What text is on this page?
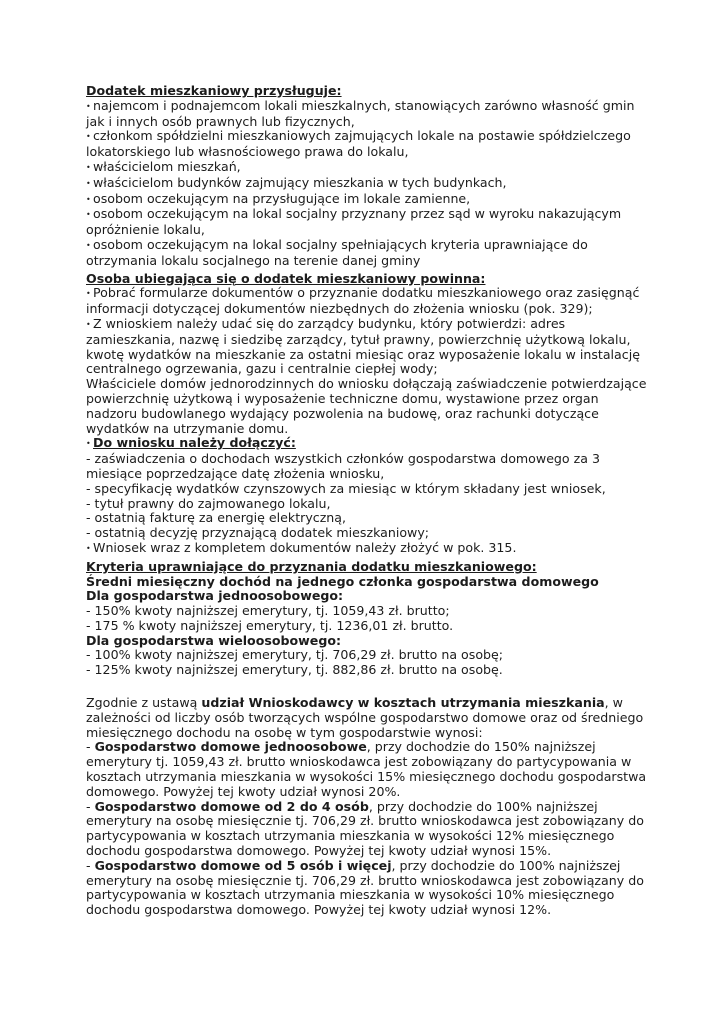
Dodatek mieszkaniowy przysługuje:
• najemcom i podnajemcom lokali mieszkalnych, stanowiących zarówno własność gmin
jak i innych osób prawnych lub fizycznych,
• członkom spółdzielni mieszkaniowych zajmujących lokale na postawie spółdzielczego
lokatorskiego lub własnościowego prawa do lokalu,
• właścicielom mieszkań,
• właścicielom budynków zajmujący mieszkania w tych budynkach,
• osobom oczekującym na przysługujące im lokale zamienne,
• osobom oczekującym na lokal socjalny przyznany przez sąd w wyroku nakazującym
opróżnienie lokalu,
• osobom oczekującym na lokal socjalny spełniających kryteria uprawniające do
otrzymania lokalu socjalnego na terenie danej gminy
Osoba ubiegająca się o dodatek mieszkaniowy powinna:
• Pobrać formularze dokumentów o przyznanie dodatku mieszkaniowego oraz zasięgnąć
informacji dotyczącej dokumentów niezbędnych do złożenia wniosku (pok. 329);
• Z wnioskiem należy udać się do zarządcy budynku, który potwierdzi: adres
zamieszkania, nazwę i siedzibę zarządcy, tytuł prawny, powierzchnię użytkową lokalu,
kwotę wydatków na mieszkanie za ostatni miesiąc oraz wyposażenie lokalu w instalację
centralnego ogrzewania, gazu i centralnie ciepłej wody;
Właściciele domów jednorodzinnych do wniosku dołączają zaświadczenie potwierdzające
powierzchnię użytkową i wyposażenie techniczne domu, wystawione przez organ
nadzoru budowlanego wydający pozwolenia na budowę, oraz rachunki dotyczące
wydatków na utrzymanie domu.
• Do wniosku należy dołączyć:
- zaświadczenia o dochodach wszystkich członków gospodarstwa domowego za 3
miesiące poprzedzające datę złożenia wniosku,
- specyfikację wydatków czynszowych za miesiąc w którym składany jest wniosek,
- tytuł prawny do zajmowanego lokalu,
- ostatnią fakturę za energię elektryczną,
- ostatnią decyzję przyznającą dodatek mieszkaniowy;
• Wniosek wraz z kompletem dokumentów należy złożyć w pok. 315.
Kryteria uprawniające do przyznania dodatku mieszkaniowego:
Średni miesięczny dochód na jednego członka gospodarstwa domowego
Dla gospodarstwa jednoosobowego:
- 150% kwoty najniższej emerytury, tj. 1059,43 zł. brutto;
- 175 % kwoty najniższej emerytury, tj. 1236,01 zł. brutto.
Dla gospodarstwa wieloosobowego:
- 100% kwoty najniższej emerytury, tj. 706,29 zł. brutto na osobę;
- 125% kwoty najniższej emerytury, tj. 882,86 zł. brutto na osobę.
Zgodnie z ustawą udział Wnioskodawcy w kosztach utrzymania mieszkania, w
zależności od liczby osób tworzących wspólne gospodarstwo domowe oraz od średniego
miesięcznego dochodu na osobę w tym gospodarstwie wynosi:
- Gospodarstwo domowe jednoosobowe, przy dochodzie do 150% najniższej
emerytury tj. 1059,43 zł. brutto wnioskodawca jest zobowiązany do partycypowania w
kosztach utrzymania mieszkania w wysokości 15% miesięcznego dochodu gospodarstwa
domowego. Powyżej tej kwoty udział wynosi 20%.
- Gospodarstwo domowe od 2 do 4 osób, przy dochodzie do 100% najniższej
emerytury na osobę miesięcznie tj. 706,29 zł. brutto wnioskodawca jest zobowiązany do
partycypowania w kosztach utrzymania mieszkania w wysokości 12% miesięcznego
dochodu gospodarstwa domowego. Powyżej tej kwoty udział wynosi 15%.
- Gospodarstwo domowe od 5 osób i więcej, przy dochodzie do 100% najniższej
emerytury na osobę miesięcznie tj. 706,29 zł. brutto wnioskodawca jest zobowiązany do
partycypowania w kosztach utrzymania mieszkania w wysokości 10% miesięcznego
dochodu gospodarstwa domowego. Powyżej tej kwoty udział wynosi 12%.
